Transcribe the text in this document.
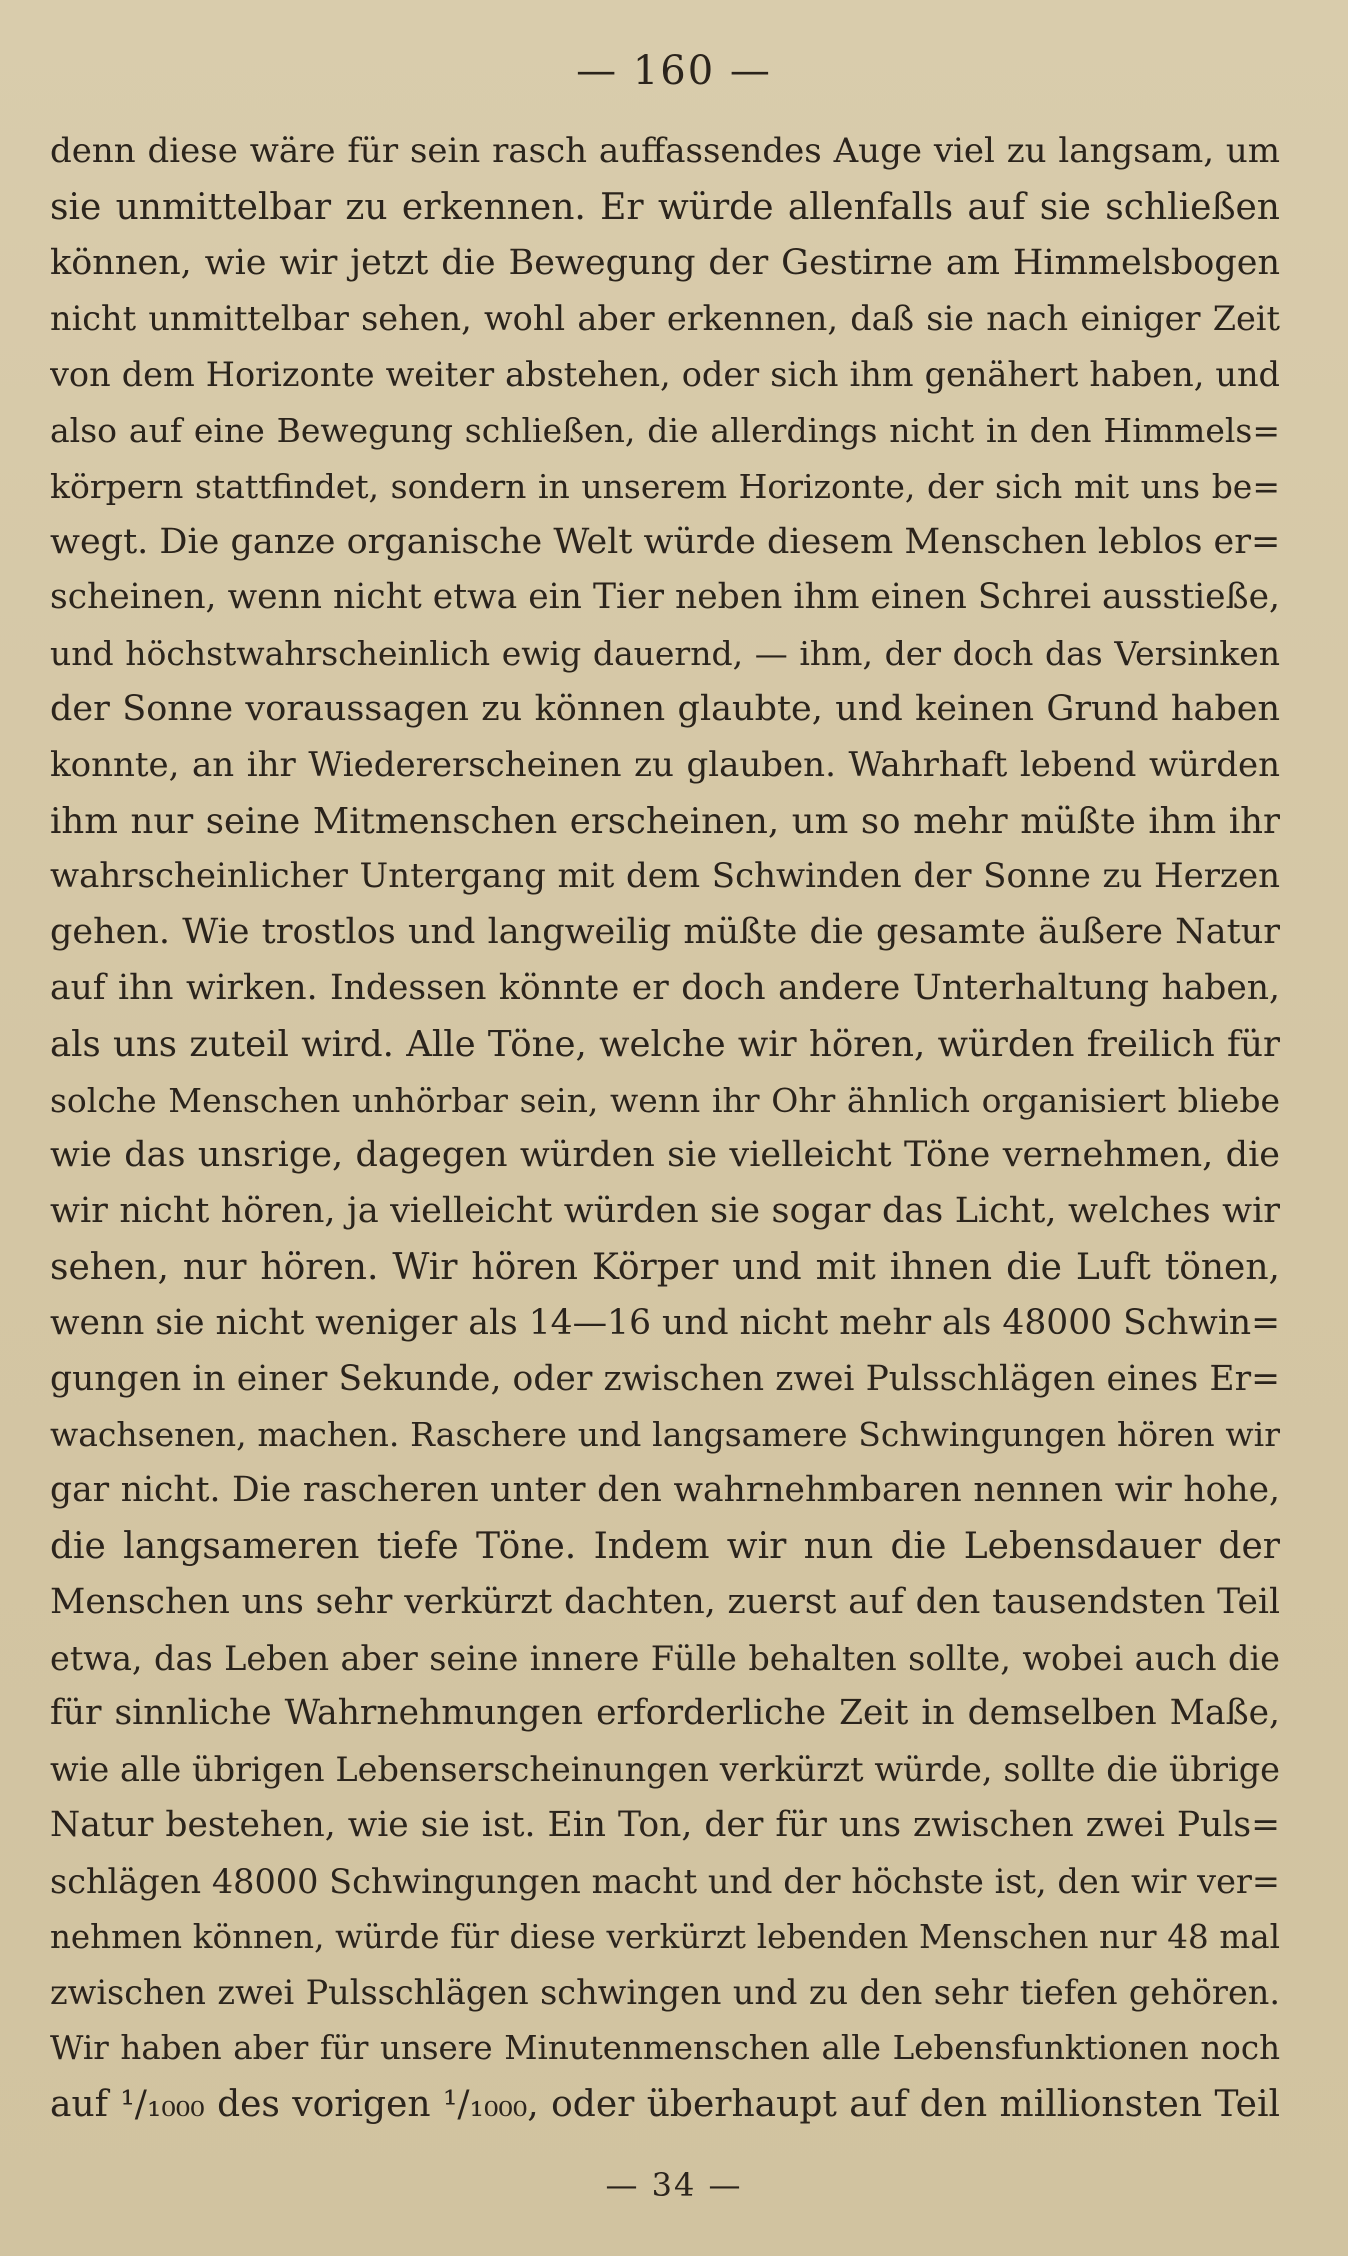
— 160 —
denn diese wäre für sein rasch auffassendes Auge viel zu langsam, um
sie unmittelbar zu erkennen. Er würde allenfalls auf sie schließen
können, wie wir jetzt die Bewegung der Gestirne am Himmelsbogen
nicht unmittelbar sehen, wohl aber erkennen, daß sie nach einiger Zeit
von dem Horizonte weiter abstehen, oder sich ihm genähert haben, und
also auf eine Bewegung schließen, die allerdings nicht in den Himmels=
körpern stattfindet, sondern in unserem Horizonte, der sich mit uns be=
wegt. Die ganze organische Welt würde diesem Menschen leblos er=
scheinen, wenn nicht etwa ein Tier neben ihm einen Schrei ausstieße,
und höchstwahrscheinlich ewig dauernd, — ihm, der doch das Versinken
der Sonne voraussagen zu können glaubte, und keinen Grund haben
konnte, an ihr Wiedererscheinen zu glauben. Wahrhaft lebend würden
ihm nur seine Mitmenschen erscheinen, um so mehr müßte ihm ihr
wahrscheinlicher Untergang mit dem Schwinden der Sonne zu Herzen
gehen. Wie trostlos und langweilig müßte die gesamte äußere Natur
auf ihn wirken. Indessen könnte er doch andere Unterhaltung haben,
als uns zuteil wird. Alle Töne, welche wir hören, würden freilich für
solche Menschen unhörbar sein, wenn ihr Ohr ähnlich organisiert bliebe
wie das unsrige, dagegen würden sie vielleicht Töne vernehmen, die
wir nicht hören, ja vielleicht würden sie sogar das Licht, welches wir
sehen, nur hören. Wir hören Körper und mit ihnen die Luft tönen,
wenn sie nicht weniger als 14—16 und nicht mehr als 48000 Schwin=
gungen in einer Sekunde, oder zwischen zwei Pulsschlägen eines Er=
wachsenen, machen. Raschere und langsamere Schwingungen hören wir
gar nicht. Die rascheren unter den wahrnehmbaren nennen wir hohe,
die langsameren tiefe Töne. Indem wir nun die Lebensdauer der
Menschen uns sehr verkürzt dachten, zuerst auf den tausendsten Teil
etwa, das Leben aber seine innere Fülle behalten sollte, wobei auch die
für sinnliche Wahrnehmungen erforderliche Zeit in demselben Maße,
wie alle übrigen Lebenserscheinungen verkürzt würde, sollte die übrige
Natur bestehen, wie sie ist. Ein Ton, der für uns zwischen zwei Puls=
schlägen 48000 Schwingungen macht und der höchste ist, den wir ver=
nehmen können, würde für diese verkürzt lebenden Menschen nur 48 mal
zwischen zwei Pulsschlägen schwingen und zu den sehr tiefen gehören.
Wir haben aber für unsere Minutenmenschen alle Lebensfunktionen noch
auf ¹/₁₀₀₀ des vorigen ¹/₁₀₀₀, oder überhaupt auf den millionsten Teil
— 34 —
